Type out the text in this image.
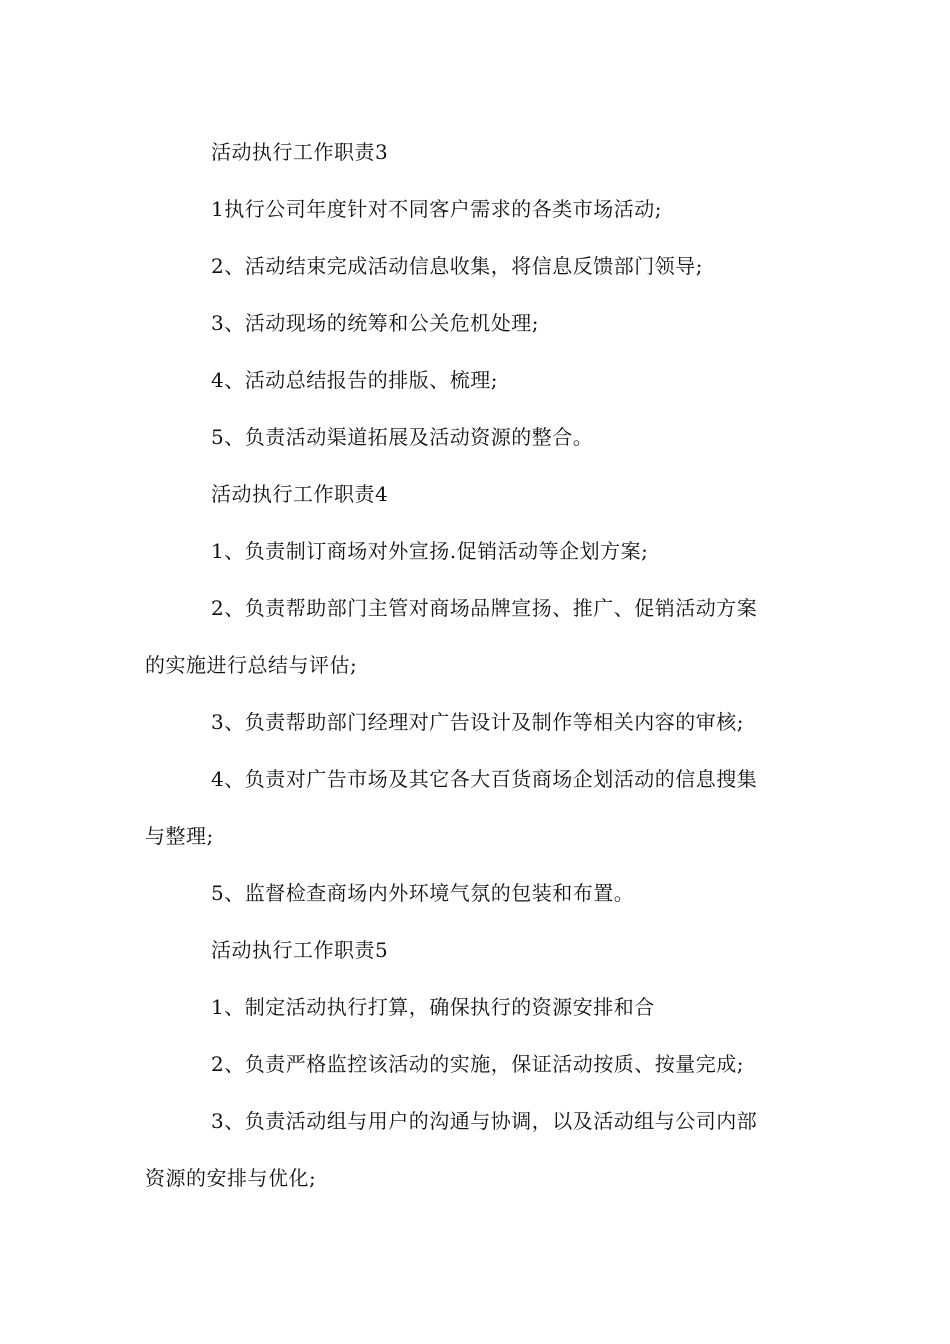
活动执行工作职责3
1执行公司年度针对不同客户需求的各类市场活动;
2、活动结束完成活动信息收集，将信息反馈部门领导;
3、活动现场的统筹和公关危机处理;
4、活动总结报告的排版、梳理;
5、负责活动渠道拓展及活动资源的整合。
活动执行工作职责4
1、负责制订商场对外宣扬.促销活动等企划方案;
2、负责帮助部门主管对商场品牌宣扬、推广、促销活动方案
的实施进行总结与评估;
3、负责帮助部门经理对广告设计及制作等相关内容的审核;
4、负责对广告市场及其它各大百货商场企划活动的信息搜集
与整理;
5、监督检查商场内外环境气氛的包装和布置。
活动执行工作职责5
1、制定活动执行打算，确保执行的资源安排和合
2、负责严格监控该活动的实施，保证活动按质、按量完成;
3、负责活动组与用户的沟通与协调，以及活动组与公司内部
资源的安排与优化;
